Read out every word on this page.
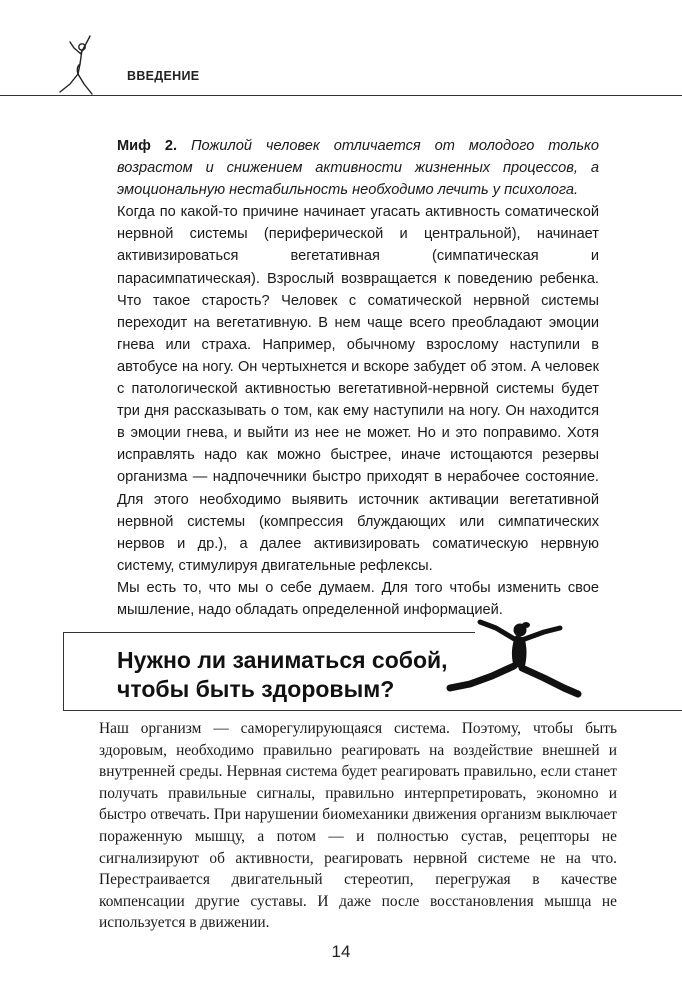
ВВЕДЕНИЕ

Миф 2. Пожилой человек отличается от молодого только возрастом и снижением активности жизненных процессов, а эмоциональную нестабильность необходимо лечить у психолога.

Когда по какой-то причине начинает угасать активность соматической нервной системы (периферической и центральной), начинает активизироваться вегетативная (симпатическая и парасимпатическая). Взрослый возвращается к поведению ребенка. Что такое старость? Человек с соматической нервной системы переходит на вегетативную. В нем чаще всего преобладают эмоции гнева или страха. Например, обычному взрослому наступили в автобусе на ногу. Он чертыхнется и вскоре забудет об этом. А человек с патологической активностью вегетативной-нервной системы будет три дня рассказывать о том, как ему наступили на ногу. Он находится в эмоции гнева, и выйти из нее не может. Но и это поправимо. Хотя исправлять надо как можно быстрее, иначе истощаются резервы организма — надпочечники быстро приходят в нерабочее состояние. Для этого необходимо выявить источник активации вегетативной нервной системы (компрессия блуждающих или симпатических нервов и др.), а далее активизировать соматическую нервную систему, стимулируя двигательные рефлексы.

Мы есть то, что мы о себе думаем. Для того чтобы изменить свое мышление, надо обладать определенной информацией.

Нужно ли заниматься собой,
чтобы быть здоровым?

Наш организм — саморегулирующаяся система. Поэтому, чтобы быть здоровым, необходимо правильно реагировать на воздействие внешней и внутренней среды. Нервная система будет реагировать правильно, если станет получать правильные сигналы, правильно интерпретировать, экономно и быстро отвечать. При нарушении биомеханики движения организм выключает пораженную мышцу, а потом — и полностью сустав, рецепторы не сигнализируют об активности, реагировать нервной системе не на что. Перестраивается двигательный стереотип, перегружая в качестве компенсации другие суставы. И даже после восстановления мышца не используется в движении.

14
